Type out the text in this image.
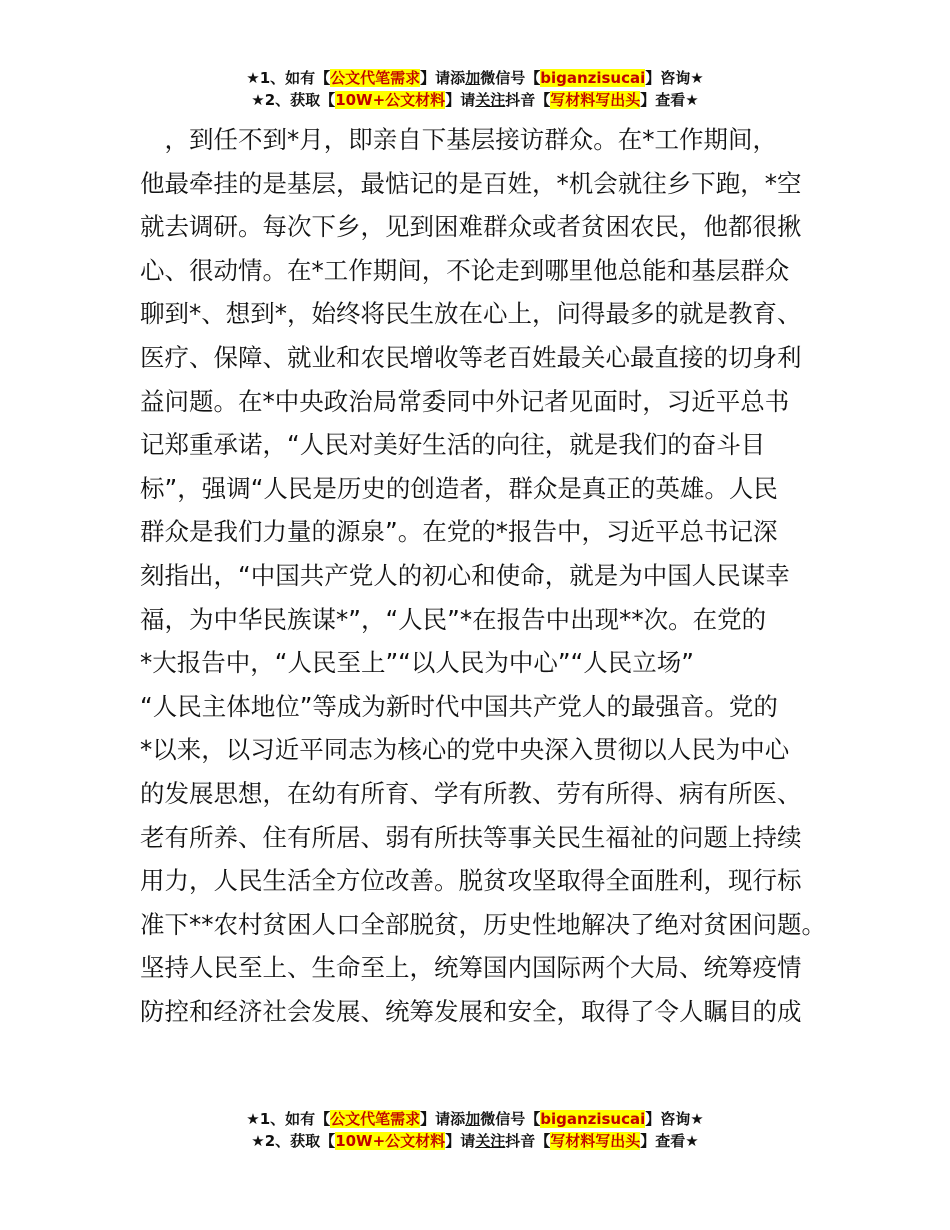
★1、如有【公文代笔需求】请添加微信号【biganzisucai】咨询★
★2、获取【10W+公文材料】请关注抖音【写材料写出头】查看★
　，到任不到*月，即亲自下基层接访群众。在*工作期间，
他最牵挂的是基层，最惦记的是百姓，*机会就往乡下跑，*空
就去调研。每次下乡，见到困难群众或者贫困农民，他都很揪
心、很动情。在*工作期间，不论走到哪里他总能和基层群众
聊到*、想到*，始终将民生放在心上，问得最多的就是教育、
医疗、保障、就业和农民增收等老百姓最关心最直接的切身利
益问题。在*中央政治局常委同中外记者见面时，习近平总书
记郑重承诺，“人民对美好生活的向往，就是我们的奋斗目
标”，强调“人民是历史的创造者，群众是真正的英雄。人民
群众是我们力量的源泉”。在党的*报告中，习近平总书记深
刻指出，“中国共产党人的初心和使命，就是为中国人民谋幸
福，为中华民族谋*”，“人民”*在报告中出现**次。在党的
*大报告中，“人民至上”“以人民为中心”“人民立场”
“人民主体地位”等成为新时代中国共产党人的最强音。党的
*以来，以习近平同志为核心的党中央深入贯彻以人民为中心
的发展思想，在幼有所育、学有所教、劳有所得、病有所医、
老有所养、住有所居、弱有所扶等事关民生福祉的问题上持续
用力，人民生活全方位改善。脱贫攻坚取得全面胜利，现行标
准下**农村贫困人口全部脱贫，历史性地解决了绝对贫困问题。
坚持人民至上、生命至上，统筹国内国际两个大局、统筹疫情
防控和经济社会发展、统筹发展和安全，取得了令人瞩目的成
★1、如有【公文代笔需求】请添加微信号【biganzisucai】咨询★
★2、获取【10W+公文材料】请关注抖音【写材料写出头】查看★
